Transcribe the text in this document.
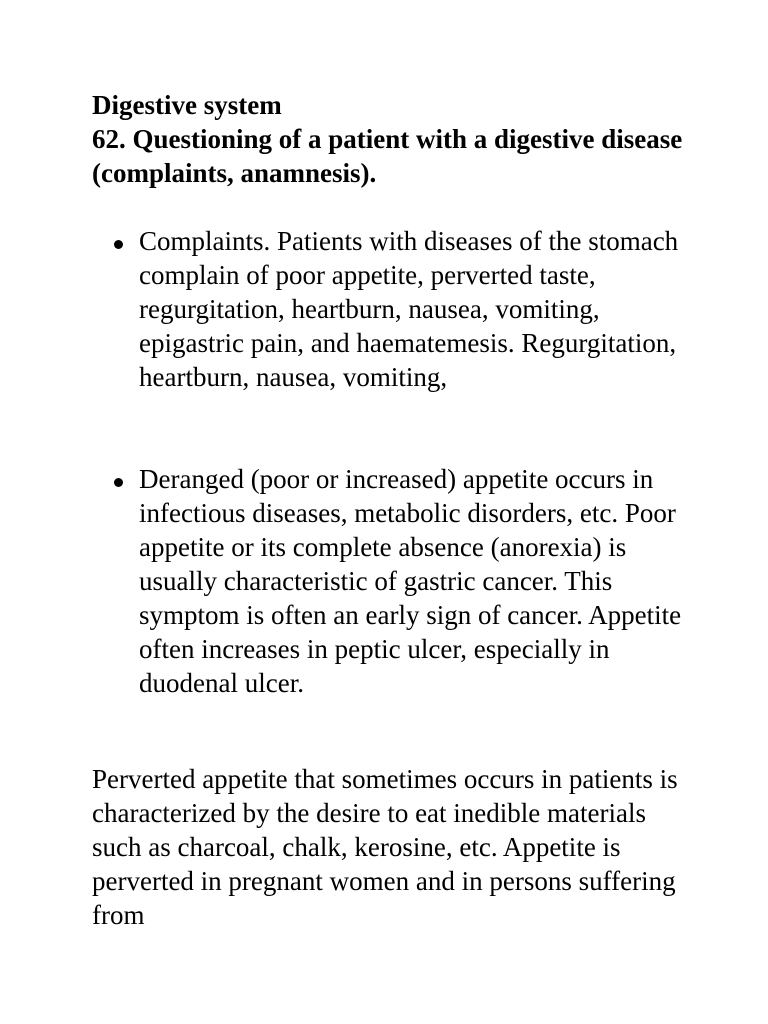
Digestive system

62. Questioning of a patient with a digestive disease (complaints, anamnesis).

Complaints. Patients with diseases of the stomach complain of poor appetite, perverted taste, regurgitation, heartburn, nausea, vomiting, epigastric pain, and haematemesis. Regurgitation, heartburn, nausea, vomiting,
Deranged (poor or increased) appetite occurs in infectious diseases, metabolic disorders, etc. Poor appetite or its complete absence (anorexia) is usually characteristic of gastric cancer. This symptom is often an early sign of cancer. Appetite often increases in peptic ulcer, especially in duodenal ulcer.

Perverted appetite that sometimes occurs in patients is characterized by the desire to eat inedible materials such as charcoal, chalk, kerosine, etc. Appetite is perverted in pregnant women and in persons suffering from
